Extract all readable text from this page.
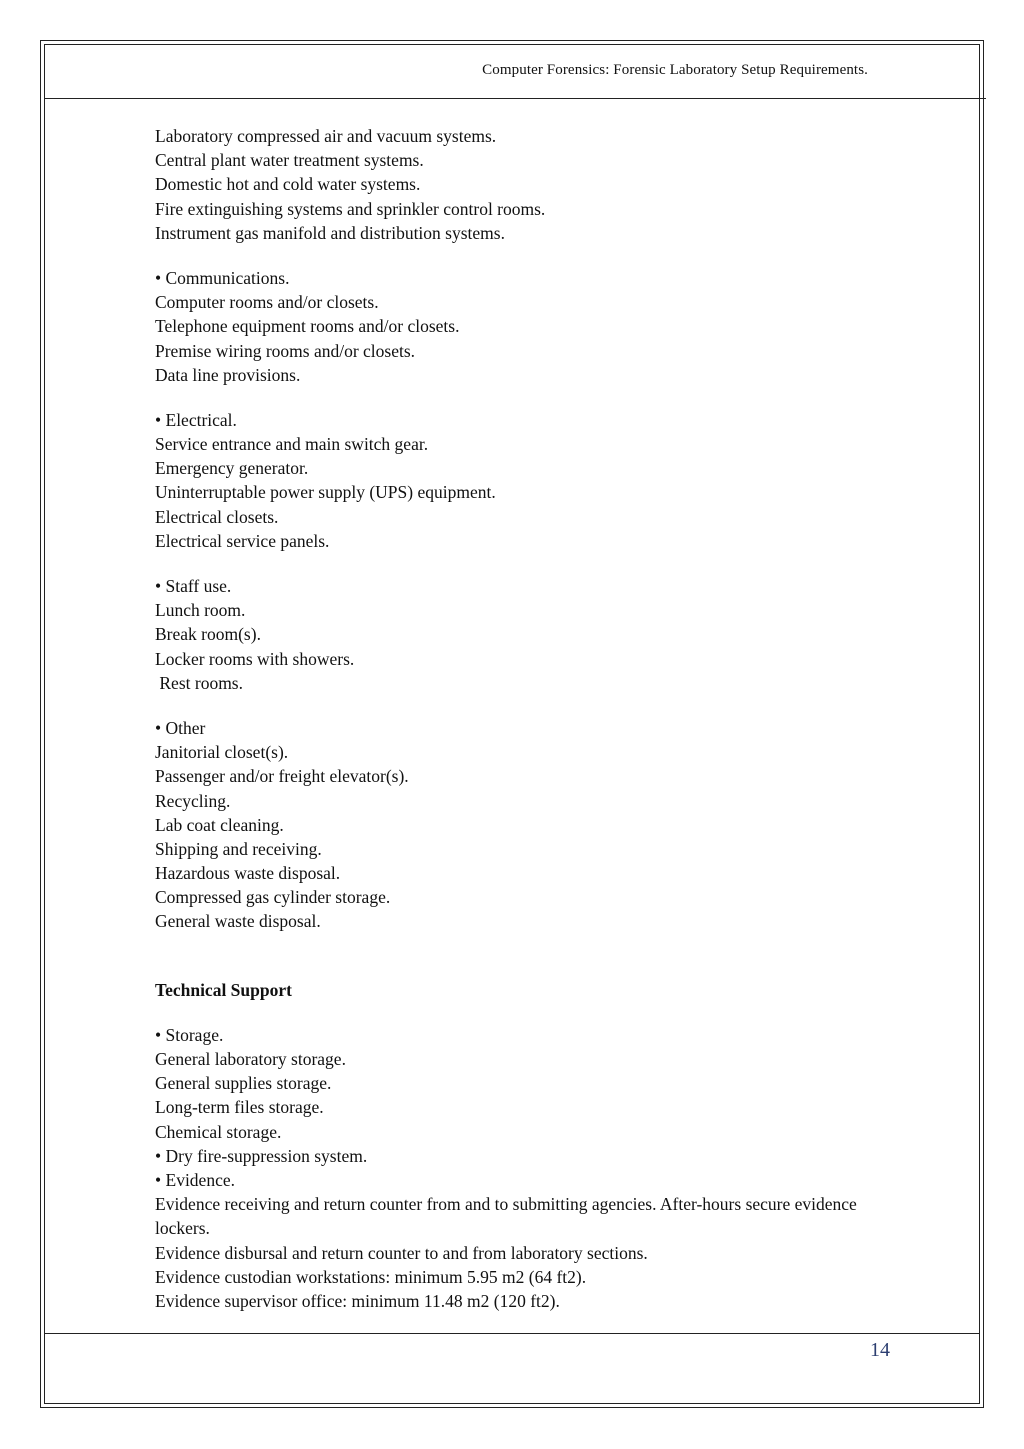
Computer Forensics: Forensic Laboratory Setup Requirements.
Laboratory compressed air and vacuum systems.
Central plant water treatment systems.
Domestic hot and cold water systems.
Fire extinguishing systems and sprinkler control rooms.
Instrument gas manifold and distribution systems.
• Communications.
Computer rooms and/or closets.
Telephone equipment rooms and/or closets.
Premise wiring rooms and/or closets.
Data line provisions.
• Electrical.
Service entrance and main switch gear.
Emergency generator.
Uninterruptable power supply (UPS) equipment.
Electrical closets.
Electrical service panels.
• Staff use.
Lunch room.
Break room(s).
Locker rooms with showers.
Rest rooms.
• Other
Janitorial closet(s).
Passenger and/or freight elevator(s).
Recycling.
Lab coat cleaning.
Shipping and receiving.
Hazardous waste disposal.
Compressed gas cylinder storage.
General waste disposal.
Technical Support
• Storage.
General laboratory storage.
General supplies storage.
Long-term files storage.
Chemical storage.
• Dry fire-suppression system.
• Evidence.
Evidence receiving and return counter from and to submitting agencies. After-hours secure evidence lockers.
Evidence disbursal and return counter to and from laboratory sections.
Evidence custodian workstations: minimum 5.95 m2 (64 ft2).
Evidence supervisor office: minimum 11.48 m2 (120 ft2).
14
